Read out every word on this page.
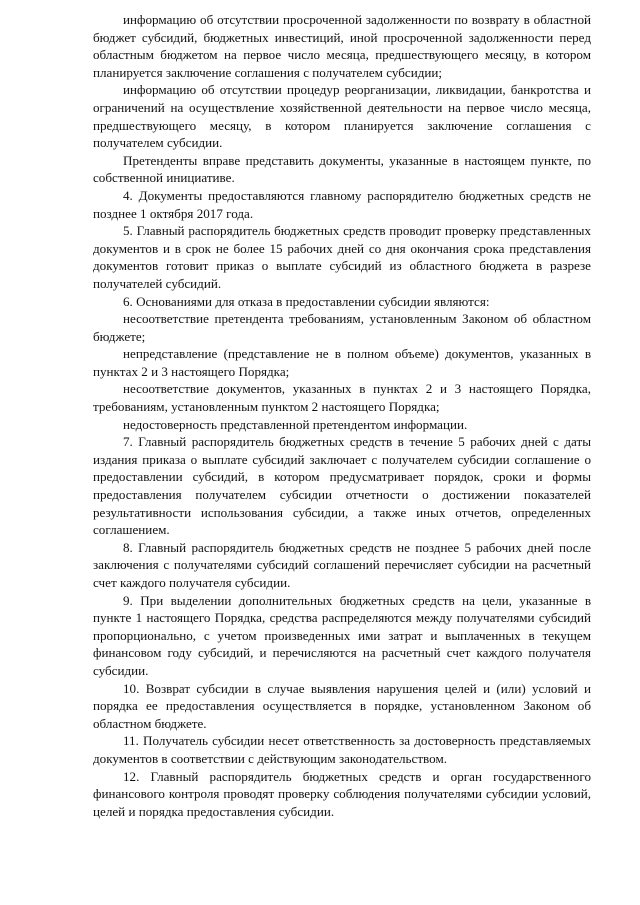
информацию об отсутствии просроченной задолженности по возврату в областной бюджет субсидий, бюджетных инвестиций, иной просроченной задолженности перед областным бюджетом на первое число месяца, предшествующего месяцу, в котором планируется заключение соглашения с получателем субсидии;

информацию об отсутствии процедур реорганизации, ликвидации, банкротства и ограничений на осуществление хозяйственной деятельности на первое число месяца, предшествующего месяцу, в котором планируется заключение соглашения с получателем субсидии.

Претенденты вправе представить документы, указанные в настоящем пункте, по собственной инициативе.

4. Документы предоставляются главному распорядителю бюджетных средств не позднее 1 октября 2017 года.

5. Главный распорядитель бюджетных средств проводит проверку представленных документов и в срок не более 15 рабочих дней со дня окончания срока представления документов готовит приказ о выплате субсидий из областного бюджета в разрезе получателей субсидий.

6. Основаниями для отказа в предоставлении субсидии являются:

несоответствие претендента требованиям, установленным Законом об областном бюджете;

непредставление (представление не в полном объеме) документов, указанных в пунктах 2 и 3 настоящего Порядка;

несоответствие документов, указанных в пунктах 2 и 3 настоящего Порядка, требованиям, установленным пунктом 2 настоящего Порядка;

недостоверность представленной претендентом информации.

7. Главный распорядитель бюджетных средств в течение 5 рабочих дней с даты издания приказа о выплате субсидий заключает с получателем субсидии соглашение о предоставлении субсидий, в котором предусматривает порядок, сроки и формы предоставления получателем субсидии отчетности о достижении показателей результативности использования субсидии, а также иных отчетов, определенных соглашением.

8. Главный распорядитель бюджетных средств не позднее 5 рабочих дней после заключения с получателями субсидий соглашений перечисляет субсидии на расчетный счет каждого получателя субсидии.

9. При выделении дополнительных бюджетных средств на цели, указанные в пункте 1 настоящего Порядка, средства распределяются между получателями субсидий пропорционально, с учетом произведенных ими затрат и выплаченных в текущем финансовом году субсидий, и перечисляются на расчетный счет каждого получателя субсидии.

10. Возврат субсидии в случае выявления нарушения целей и (или) условий и порядка ее предоставления осуществляется в порядке, установленном Законом об областном бюджете.

11. Получатель субсидии несет ответственность за достоверность представляемых документов в соответствии с действующим законодательством.

12. Главный распорядитель бюджетных средств и орган государственного финансового контроля проводят проверку соблюдения получателями субсидии условий, целей и порядка предоставления субсидии.
